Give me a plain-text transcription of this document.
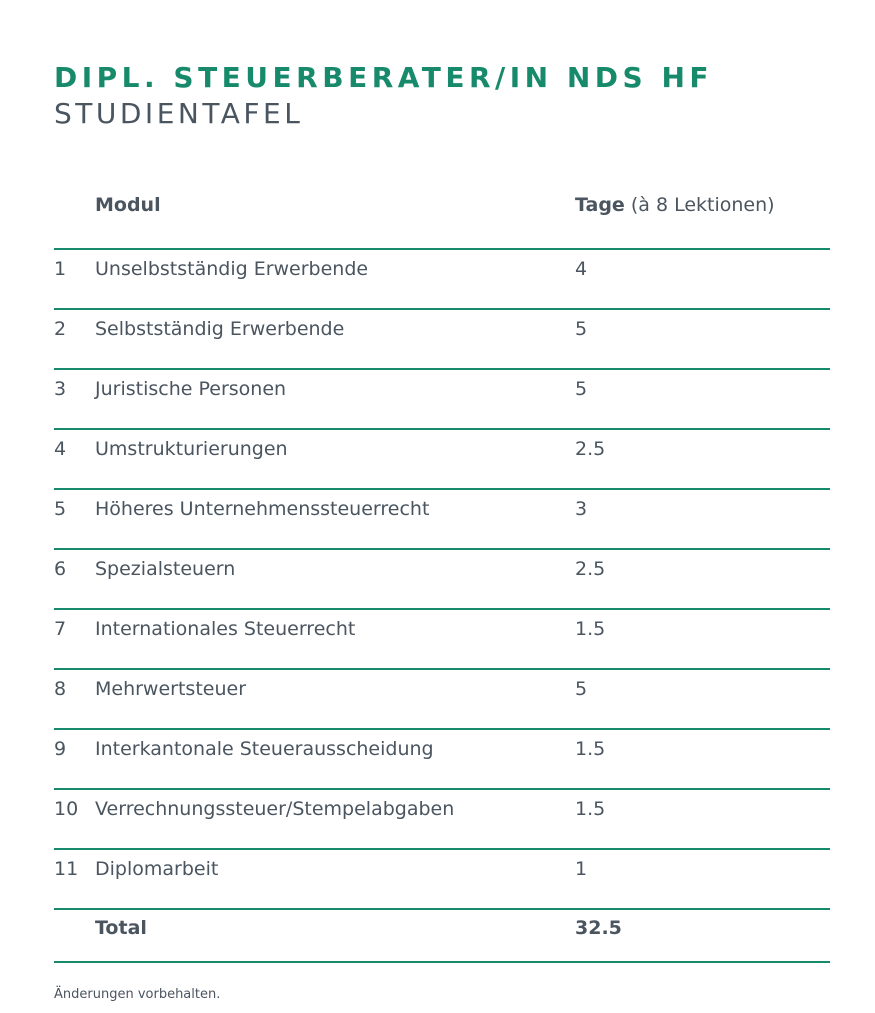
DIPL. STEUERBERATER/IN NDS HF
STUDIENTAFEL
Modul	Tage (à 8 Lektionen)
1 Unselbstständig Erwerbende	4
2 Selbstständig Erwerbende	5
3 Juristische Personen	5
4 Umstrukturierungen	2.5
5 Höheres Unternehmenssteuerrecht	3
6 Spezialsteuern	2.5
7 Internationales Steuerrecht	1.5
8 Mehrwertsteuer	5
9 Interkantonale Steuerausscheidung	1.5
10 Verrechnungssteuer/Stempelabgaben	1.5
11 Diplomarbeit	1
Total	32.5
Änderungen vorbehalten.
